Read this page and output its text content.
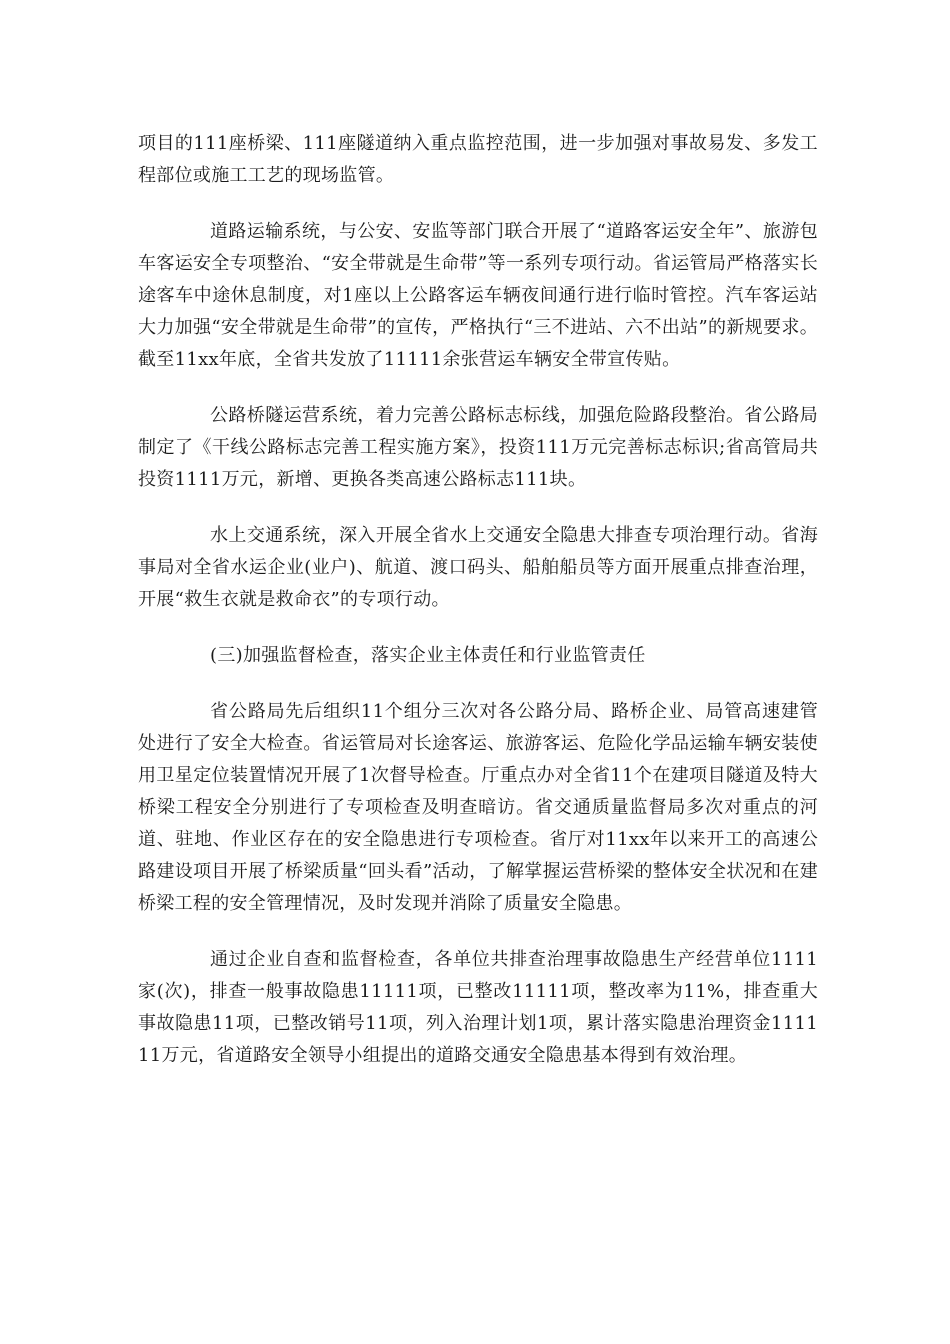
项目的111座桥梁、111座隧道纳入重点监控范围，进一步加强对事故易发、多发工程部位或施工工艺的现场监管。

道路运输系统，与公安、安监等部门联合开展了“道路客运安全年”、旅游包车客运安全专项整治、“安全带就是生命带”等一系列专项行动。省运管局严格落实长途客车中途休息制度，对1座以上公路客运车辆夜间通行进行临时管控。汽车客运站大力加强“安全带就是生命带”的宣传，严格执行“三不进站、六不出站”的新规要求。截至11xx年底，全省共发放了11111余张营运车辆安全带宣传贴。

公路桥隧运营系统，着力完善公路标志标线，加强危险路段整治。省公路局制定了《干线公路标志完善工程实施方案》，投资111万元完善标志标识;省高管局共投资1111万元，新增、更换各类高速公路标志111块。

水上交通系统，深入开展全省水上交通安全隐患大排查专项治理行动。省海事局对全省水运企业(业户)、航道、渡口码头、船舶船员等方面开展重点排查治理，开展“救生衣就是救命衣”的专项行动。

(三)加强监督检查，落实企业主体责任和行业监管责任

省公路局先后组织11个组分三次对各公路分局、路桥企业、局管高速建管处进行了安全大检查。省运管局对长途客运、旅游客运、危险化学品运输车辆安装使用卫星定位装置情况开展了1次督导检查。厅重点办对全省11个在建项目隧道及特大桥梁工程安全分别进行了专项检查及明查暗访。省交通质量监督局多次对重点的河道、驻地、作业区存在的安全隐患进行专项检查。省厅对11xx年以来开工的高速公路建设项目开展了桥梁质量“回头看”活动，了解掌握运营桥梁的整体安全状况和在建桥梁工程的安全管理情况，及时发现并消除了质量安全隐患。

通过企业自查和监督检查，各单位共排查治理事故隐患生产经营单位1111家(次)，排查一般事故隐患11111项，已整改11111项，整改率为11%，排查重大事故隐患11项，已整改销号11项，列入治理计划1项，累计落实隐患治理资金111111万元，省道路安全领导小组提出的道路交通安全隐患基本得到有效治理。
